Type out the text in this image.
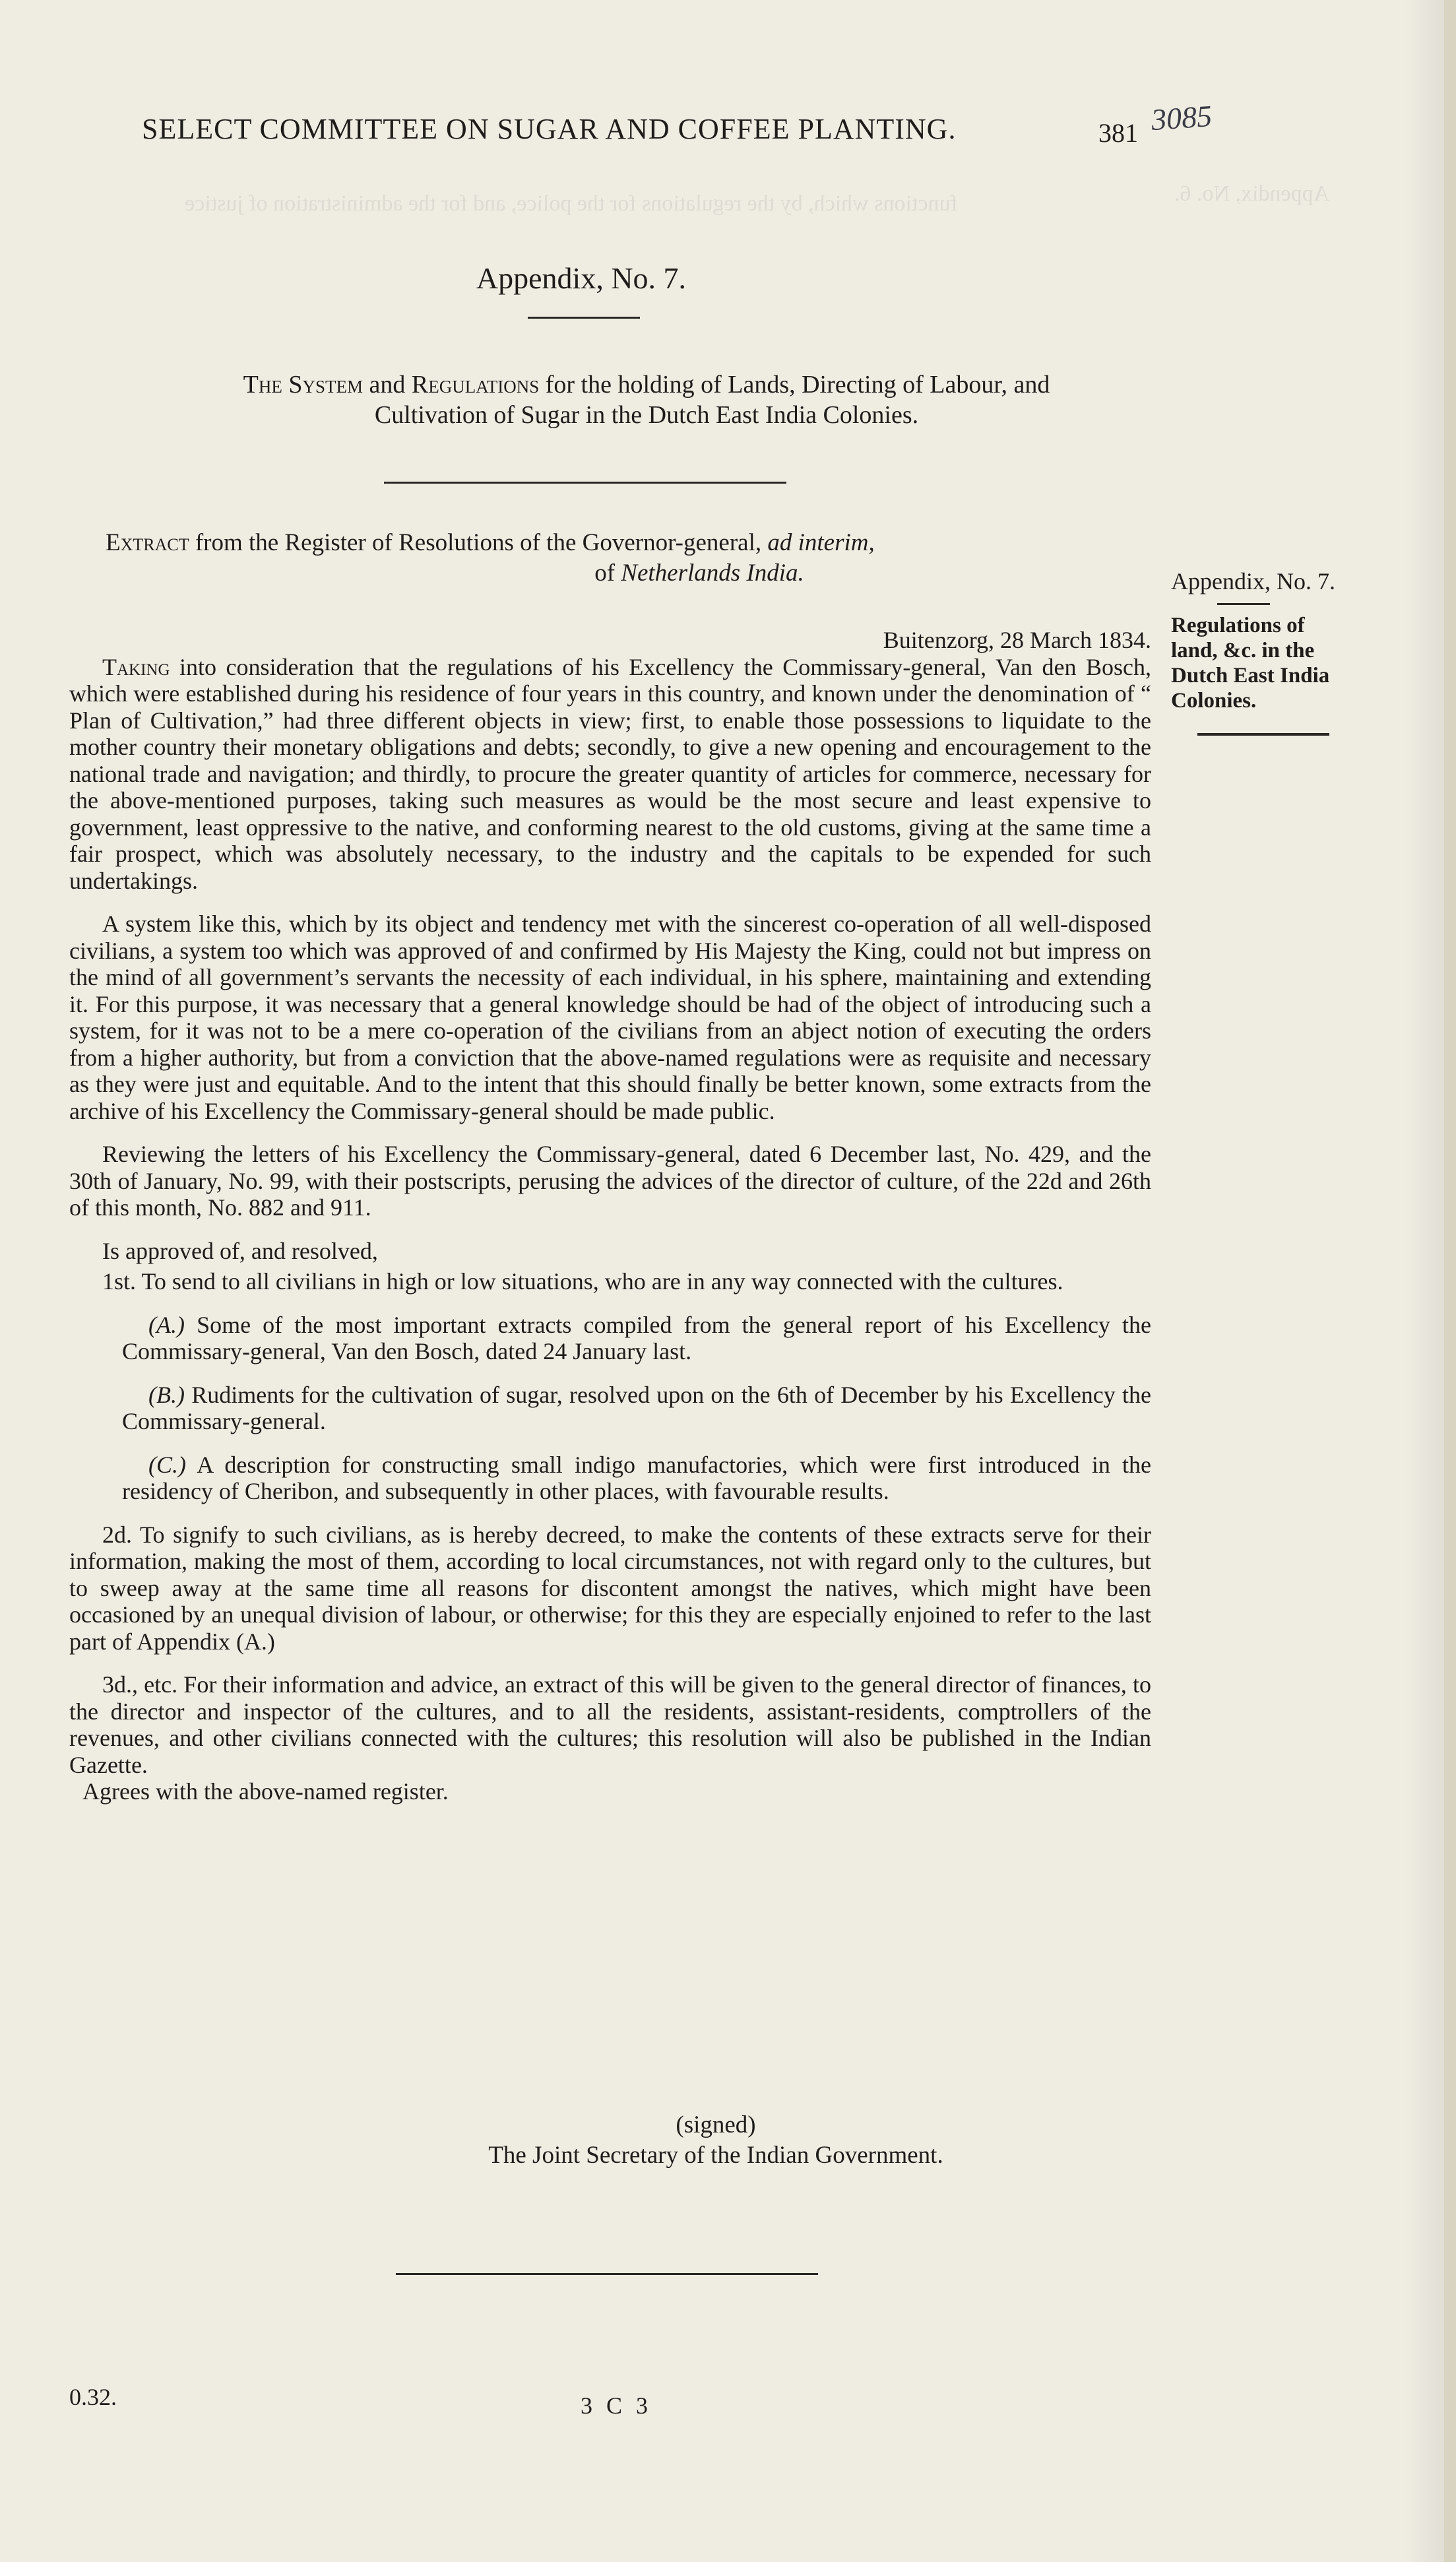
functions which, by the regulations for the police, and for the administration of justice	Appendix, No. 6.
SELECT COMMITTEE ON SUGAR AND COFFEE PLANTING.	381 3085
Appendix, No. 7.
The System and Regulations for the holding of Lands, Directing of Labour, and
Cultivation of Sugar in the Dutch East India Colonies.
Extract from the Register of Resolutions of the Governor-general, ad interim,
of Netherlands India.	Appendix, No. 7.
Regulations of
land, &c. in the
Dutch East India
Colonies.

Buitenzorg, 28 March 1834.

Taking into consideration that the regulations of his Excellency the Commissary-general, Van den Bosch, which were established during his residence of four years in this country, and known under the denomination of “ Plan of Cultivation,” had three different objects in view; first, to enable those possessions to liquidate to the mother country their monetary obligations and debts; secondly, to give a new opening and encouragement to the national trade and navigation; and thirdly, to procure the greater quantity of articles for commerce, necessary for the above-mentioned purposes, taking such measures as would be the most secure and least expensive to government, least oppressive to the native, and conforming nearest to the old customs, giving at the same time a fair prospect, which was absolutely necessary, to the industry and the capitals to be expended for such undertakings.

A system like this, which by its object and tendency met with the sincerest co-operation of all well-disposed civilians, a system too which was approved of and confirmed by His Majesty the King, could not but impress on the mind of all government’s servants the necessity of each individual, in his sphere, maintaining and extending it. For this purpose, it was necessary that a general knowledge should be had of the object of introducing such a system, for it was not to be a mere co-operation of the civilians from an abject notion of executing the orders from a higher authority, but from a conviction that the above-named regulations were as requisite and necessary as they were just and equitable. And to the intent that this should finally be better known, some extracts from the archive of his Excellency the Commissary-general should be made public.

Reviewing the letters of his Excellency the Commissary-general, dated 6 December last, No. 429, and the 30th of January, No. 99, with their postscripts, perusing the advices of the director of culture, of the 22d and 26th of this month, No. 882 and 911.

Is approved of, and resolved,

1st. To send to all civilians in high or low situations, who are in any way connected with the cultures.

(A.) Some of the most important extracts compiled from the general report of his Excellency the Commissary-general, Van den Bosch, dated 24 January last.

(B.) Rudiments for the cultivation of sugar, resolved upon on the 6th of December by his Excellency the Commissary-general.

(C.) A description for constructing small indigo manufactories, which were first introduced in the residency of Cheribon, and subsequently in other places, with favourable results.

2d. To signify to such civilians, as is hereby decreed, to make the contents of these extracts serve for their information, making the most of them, according to local circumstances, not with regard only to the cultures, but to sweep away at the same time all reasons for discontent amongst the natives, which might have been occasioned by an unequal division of labour, or otherwise; for this they are especially enjoined to refer to the last part of Appendix (A.)

3d., etc. For their information and advice, an extract of this will be given to the general director of finances, to the director and inspector of the cultures, and to all the residents, assistant-residents, comptrollers of the revenues, and other civilians connected with the cultures; this resolution will also be published in the Indian Gazette.

Agrees with the above-named register.

(signed)
The Joint Secretary of the Indian Government.
0.32.	3 C 3
